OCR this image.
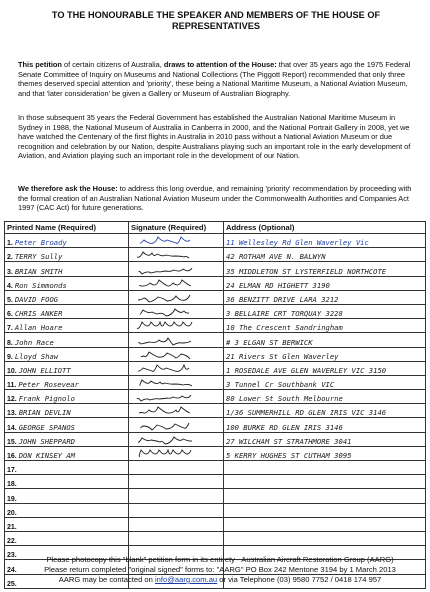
TO THE HONOURABLE THE SPEAKER AND MEMBERS OF THE HOUSE OF REPRESENTATIVES
This petition of certain citizens of Australia, draws to attention of the House: that over 35 years ago the 1975 Federal Senate Committee of Inquiry on Museums and National Collections (The Piggott Report) recommended that only three themes deserved special attention and 'priority', these being a National Maritime Museum, a National Aviation Museum, and that 'later consideration' be given a Gallery or Museum of Australian Biography.
In those subsequent 35 years the Federal Government has established the Australian National Maritime Museum in Sydney in 1988, the National Museum of Australia in Canberra in 2000, and the National Portrait Gallery in 2008, yet we have watched the Centenary of the first flights in Australia in 2010 pass without a National Aviation Museum or due recognition and celebration by our Nation, despite Australians playing such an important role in the early development of Aviation, and Aviation playing such an important role in the development of our Nation.
We therefore ask the House: to address this long overdue, and remaining 'priority' recommendation by proceeding with the formal creation of an Australian National Aviation Museum under the Commonwealth Authorities and Companies Act 1997 (CAC Act) for future generations.
Printed Name (Required)	Signature (Required)	Address (Optional)
1. Peter Broady		11 Wellesley Rd Glen Waverley Vic
2. TERRY Sully		42 ROTHAM AVE N. BALWYN
3. BRIAN SMITH		35 MIDDLETON ST LYSTERFIELD NORTHCOTE
4. Ron Simmonds		24 ELMAN RD HIGHETT 3190
5. DAVID FOOG		36 BENZITT DRIVE LARA 3212
6. CHRIS ANKER		3 BELLAIRE CRT TORQUAY 3228
7. Allan Hoare		10 The Crescent Sandringham
8. John Race		# 3 ELGAN ST BERWICK
9. Lloyd Shaw		21 Rivers St Glen Waverley
10. JOHN ELLIOTT		1 ROSEDALE AVE GLEN WAVERLEY VIC 3150
11. Peter Rosevear		3 Tunnel Cr Southbank VIC
12. Frank Pignolo		80 Lower St South Melbourne
13. BRIAN DEVLIN		1/36 SUMMERHILL RD GLEN IRIS VIC 3146
14. GEORGE SPANOS		100 BURKE RD GLEN IRIS 3146
15. JOHN SHEPPARD		27 WILCHAM ST STRATHMORE 3041
16. DON KINSEY AM		5 KERRY HUGHES ST CUTHAM 3095
17.		
18.		
19.		
20.		
21.		
22.		
23.		
24.		
25.		
Please photocopy this "blank" petition form in its entirety - Australian Aircraft Restoration Group (AARG)
Please return completed "original signed" forms to: "AARG" PO Box 242 Mentone 3194 by 1 March 2013
AARG may be contacted on info@aarg.com.au or via Telephone (03) 9580 7752 / 0418 174 957
